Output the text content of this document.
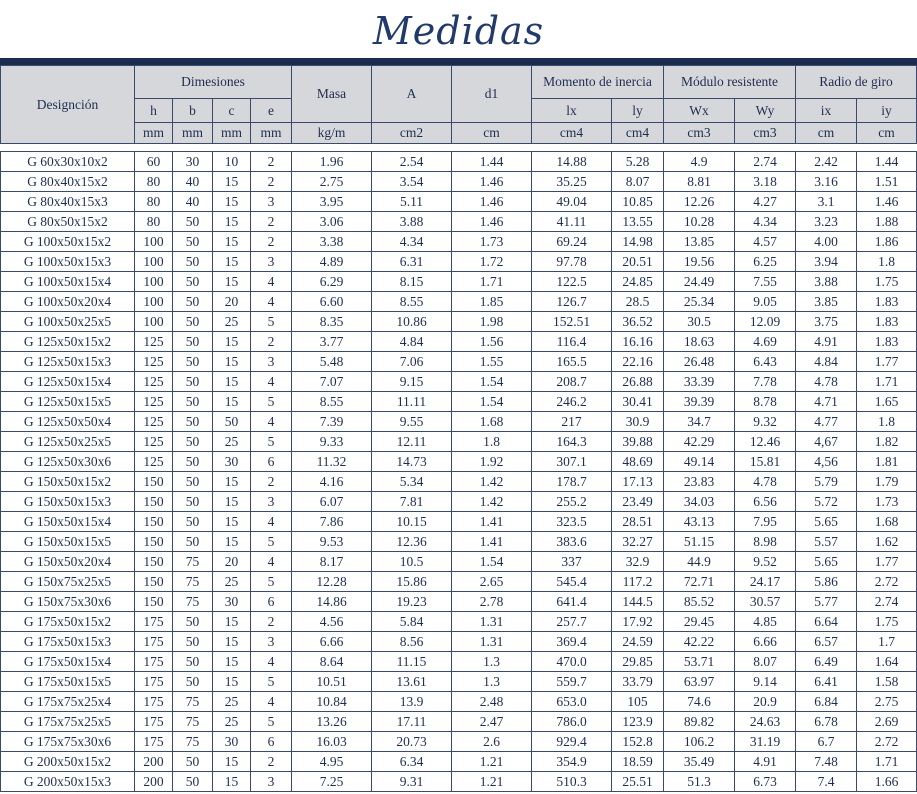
Medidas
Designción	Dimesiones				Masa	A	d1	Momento de inercia		Módulo resistente		Radio de giro	
	h	b	c	e				lx	ly	Wx	Wy	ix	iy
	mm	mm	mm	mm	kg/m	cm2	cm	cm4	cm4	cm3	cm3	cm	cm

G 60x30x10x2	60	30	10	2	1.96	2.54	1.44	14.88	5.28	4.9	2.74	2.42	1.44
G 80x40x15x2	80	40	15	2	2.75	3.54	1.46	35.25	8.07	8.81	3.18	3.16	1.51
G 80x40x15x3	80	40	15	3	3.95	5.11	1.46	49.04	10.85	12.26	4.27	3.1	1.46
G 80x50x15x2	80	50	15	2	3.06	3.88	1.46	41.11	13.55	10.28	4.34	3.23	1.88
G 100x50x15x2	100	50	15	2	3.38	4.34	1.73	69.24	14.98	13.85	4.57	4.00	1.86
G 100x50x15x3	100	50	15	3	4.89	6.31	1.72	97.78	20.51	19.56	6.25	3.94	1.8
G 100x50x15x4	100	50	15	4	6.29	8.15	1.71	122.5	24.85	24.49	7.55	3.88	1.75
G 100x50x20x4	100	50	20	4	6.60	8.55	1.85	126.7	28.5	25.34	9.05	3.85	1.83
G 100x50x25x5	100	50	25	5	8.35	10.86	1.98	152.51	36.52	30.5	12.09	3.75	1.83
G 125x50x15x2	125	50	15	2	3.77	4.84	1.56	116.4	16.16	18.63	4.69	4.91	1.83
G 125x50x15x3	125	50	15	3	5.48	7.06	1.55	165.5	22.16	26.48	6.43	4.84	1.77
G 125x50x15x4	125	50	15	4	7.07	9.15	1.54	208.7	26.88	33.39	7.78	4.78	1.71
G 125x50x15x5	125	50	15	5	8.55	11.11	1.54	246.2	30.41	39.39	8.78	4.71	1.65
G 125x50x50x4	125	50	50	4	7.39	9.55	1.68	217	30.9	34.7	9.32	4.77	1.8
G 125x50x25x5	125	50	25	5	9.33	12.11	1.8	164.3	39.88	42.29	12.46	4,67	1.82
G 125x50x30x6	125	50	30	6	11.32	14.73	1.92	307.1	48.69	49.14	15.81	4,56	1.81
G 150x50x15x2	150	50	15	2	4.16	5.34	1.42	178.7	17.13	23.83	4.78	5.79	1.79
G 150x50x15x3	150	50	15	3	6.07	7.81	1.42	255.2	23.49	34.03	6.56	5.72	1.73
G 150x50x15x4	150	50	15	4	7.86	10.15	1.41	323.5	28.51	43.13	7.95	5.65	1.68
G 150x50x15x5	150	50	15	5	9.53	12.36	1.41	383.6	32.27	51.15	8.98	5.57	1.62
G 150x50x20x4	150	75	20	4	8.17	10.5	1.54	337	32.9	44.9	9.52	5.65	1.77
G 150x75x25x5	150	75	25	5	12.28	15.86	2.65	545.4	117.2	72.71	24.17	5.86	2.72
G 150x75x30x6	150	75	30	6	14.86	19.23	2.78	641.4	144.5	85.52	30.57	5.77	2.74
G 175x50x15x2	175	50	15	2	4.56	5.84	1.31	257.7	17.92	29.45	4.85	6.64	1.75
G 175x50x15x3	175	50	15	3	6.66	8.56	1.31	369.4	24.59	42.22	6.66	6.57	1.7
G 175x50x15x4	175	50	15	4	8.64	11.15	1.3	470.0	29.85	53.71	8.07	6.49	1.64
G 175x50x15x5	175	50	15	5	10.51	13.61	1.3	559.7	33.79	63.97	9.14	6.41	1.58
G 175x75x25x4	175	75	25	4	10.84	13.9	2.48	653.0	105	74.6	20.9	6.84	2.75
G 175x75x25x5	175	75	25	5	13.26	17.11	2.47	786.0	123.9	89.82	24.63	6.78	2.69
G 175x75x30x6	175	75	30	6	16.03	20.73	2.6	929.4	152.8	106.2	31.19	6.7	2.72
G 200x50x15x2	200	50	15	2	4.95	6.34	1.21	354.9	18.59	35.49	4.91	7.48	1.71
G 200x50x15x3	200	50	15	3	7.25	9.31	1.21	510.3	25.51	51.3	6.73	7.4	1.66
